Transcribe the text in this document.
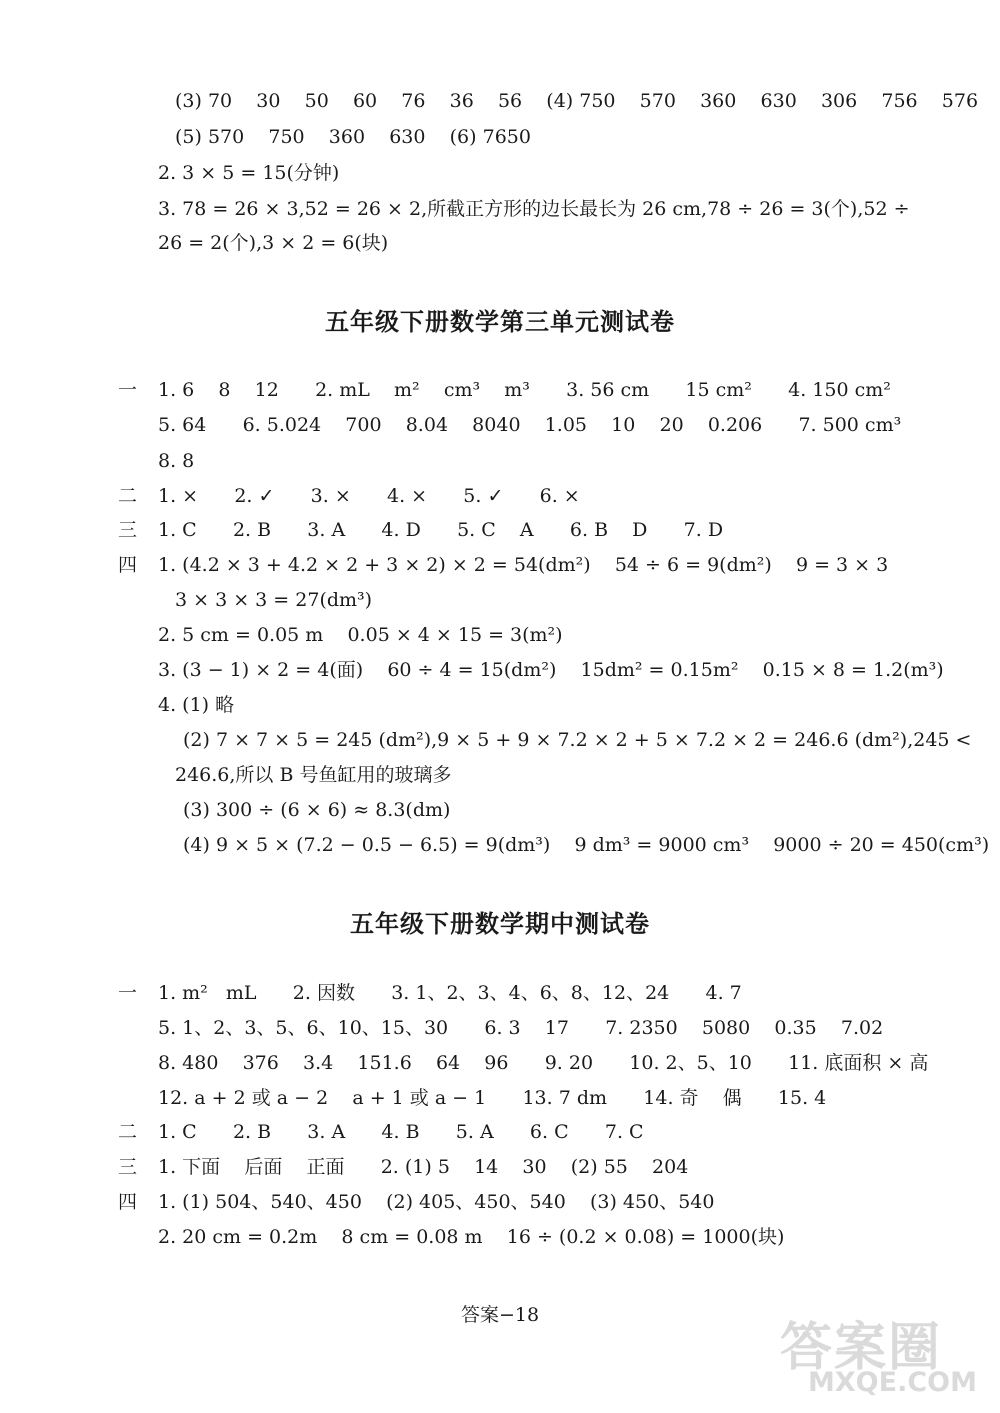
(3) 70    30    50    60    76    36    56    (4) 750    570    360    630    306    756    576
(5) 570    750    360    630    (6) 7650
2. 3 × 5 = 15(分钟)
3. 78 = 26 × 3,52 = 26 × 2,所截正方形的边长最长为 26 cm,78 ÷ 26 = 3(个),52 ÷
26 = 2(个),3 × 2 = 6(块)
五年级下册数学第三单元测试卷
一 1. 6    8    12      2. mL    m²    cm³    m³      3. 56 cm      15 cm²      4. 150 cm²
5. 64      6. 5.024    700    8.04    8040    1.05    10    20    0.206      7. 500 cm³
8. 8
二 1. ×      2. ✓      3. ×      4. ×      5. ✓      6. ×
三 1. C      2. B      3. A      4. D      5. C    A      6. B    D      7. D
四 1. (4.2 × 3 + 4.2 × 2 + 3 × 2) × 2 = 54(dm²)    54 ÷ 6 = 9(dm²)    9 = 3 × 3
3 × 3 × 3 = 27(dm³)
2. 5 cm = 0.05 m    0.05 × 4 × 15 = 3(m²)
3. (3 − 1) × 2 = 4(面)    60 ÷ 4 = 15(dm²)    15dm² = 0.15m²    0.15 × 8 = 1.2(m³)
4. (1) 略
(2) 7 × 7 × 5 = 245 (dm²),9 × 5 + 9 × 7.2 × 2 + 5 × 7.2 × 2 = 246.6 (dm²),245 <
246.6,所以 B 号鱼缸用的玻璃多
(3) 300 ÷ (6 × 6) ≈ 8.3(dm)
(4) 9 × 5 × (7.2 − 0.5 − 6.5) = 9(dm³)    9 dm³ = 9000 cm³    9000 ÷ 20 = 450(cm³)
五年级下册数学期中测试卷
一 1. m²   mL      2. 因数      3. 1、2、3、4、6、8、12、24      4. 7
5. 1、2、3、5、6、10、15、30      6. 3    17      7. 2350    5080    0.35    7.02
8. 480    376    3.4    151.6    64    96      9. 20      10. 2、5、10      11. 底面积 × 高
12. a + 2 或 a − 2    a + 1 或 a − 1      13. 7 dm      14. 奇    偶      15. 4
二 1. C      2. B      3. A      4. B      5. A      6. C      7. C
三 1. 下面    后面    正面      2. (1) 5    14    30    (2) 55    204
四 1. (1) 504、540、450    (2) 405、450、540    (3) 450、540
2. 20 cm = 0.2m    8 cm = 0.08 m    16 ÷ (0.2 × 0.08) = 1000(块)
答案−18
答案圈
MXQE.COM
